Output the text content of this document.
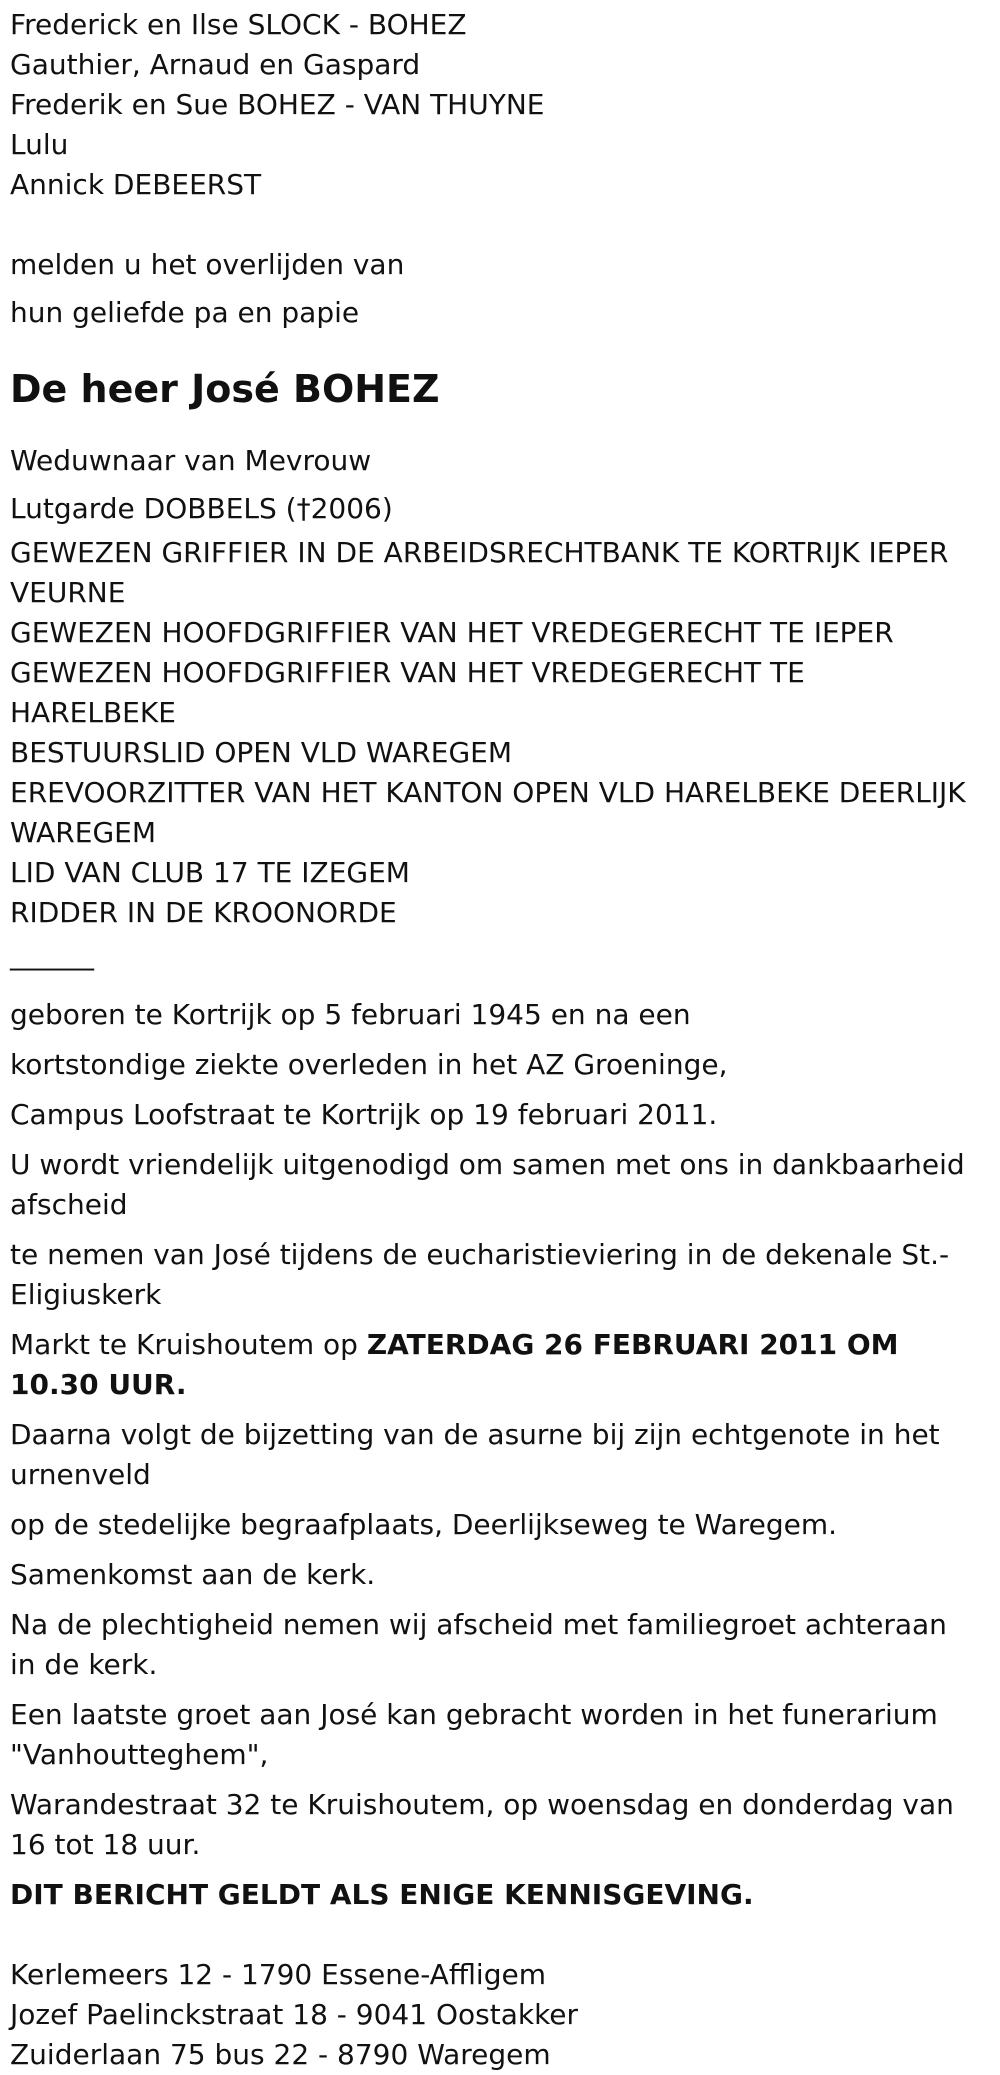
Frederick en Ilse SLOCK - BOHEZ
Gauthier, Arnaud en Gaspard
Frederik en Sue BOHEZ - VAN THUYNE
Lulu
Annick DEBEERST
melden u het overlijden van
hun geliefde pa en papie
De heer José BOHEZ
Weduwnaar van Mevrouw
Lutgarde DOBBELS (†2006)
GEWEZEN GRIFFIER IN DE ARBEIDSRECHTBANK TE KORTRIJK IEPER VEURNE
GEWEZEN HOOFDGRIFFIER VAN HET VREDEGERECHT TE IEPER
GEWEZEN HOOFDGRIFFIER VAN HET VREDEGERECHT TE HARELBEKE
BESTUURSLID OPEN VLD WAREGEM
EREVOORZITTER VAN HET KANTON OPEN VLD HARELBEKE DEERLIJK WAREGEM
LID VAN CLUB 17 TE IZEGEM
RIDDER IN DE KROONORDE
______
geboren te Kortrijk op 5 februari 1945 en na een
kortstondige ziekte overleden in het AZ Groeninge,
Campus Loofstraat te Kortrijk op 19 februari 2011.
U wordt vriendelijk uitgenodigd om samen met ons in dankbaarheid afscheid
te nemen van José tijdens de eucharistieviering in de dekenale St.-Eligiuskerk
Markt te Kruishoutem op ZATERDAG 26 FEBRUARI 2011 OM 10.30 UUR.
Daarna volgt de bijzetting van de asurne bij zijn echtgenote in het urnenveld
op de stedelijke begraafplaats, Deerlijkseweg te Waregem.
Samenkomst aan de kerk.
Na de plechtigheid nemen wij afscheid met familiegroet achteraan in de kerk.
Een laatste groet aan José kan gebracht worden in het funerarium "Vanhoutteghem",
Warandestraat 32 te Kruishoutem, op woensdag en donderdag van 16 tot 18 uur.
DIT BERICHT GELDT ALS ENIGE KENNISGEVING.
Kerlemeers 12 - 1790 Essene-Affligem
Jozef Paelinckstraat 18 - 9041 Oostakker
Zuiderlaan 75 bus 22 - 8790 Waregem
